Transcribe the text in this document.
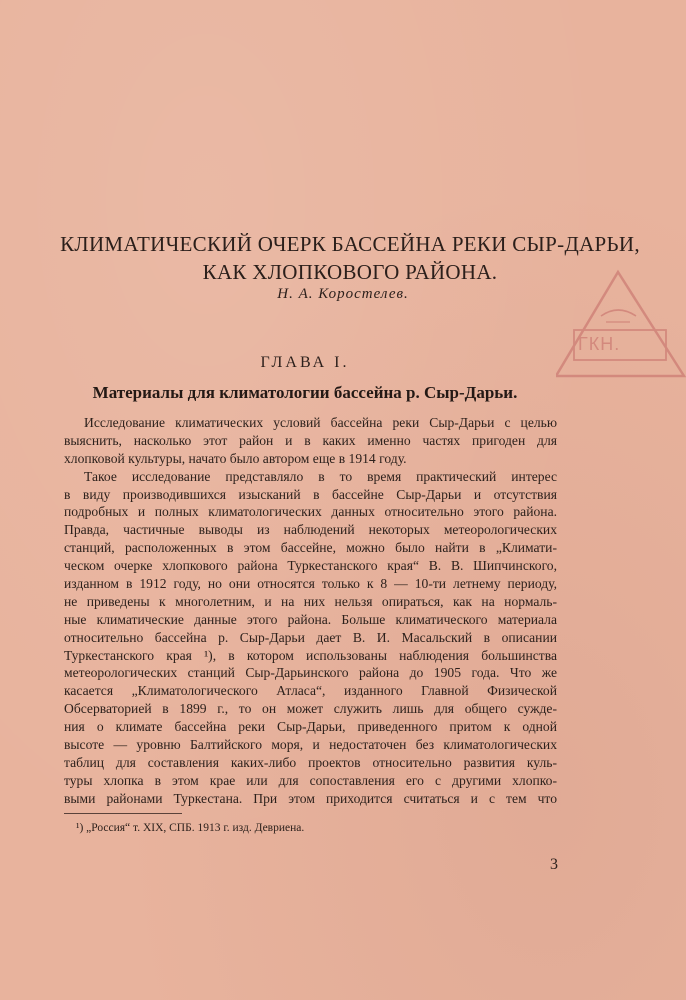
КЛИМАТИЧЕСКИЙ ОЧЕРК БАССЕЙНА РЕКИ СЫР-ДАРЬИ,
КАК ХЛОПКОВОГО РАЙОНА.
Н. А. Коростелев.
ГЛАВА I.
Материалы для климатологии бассейна р. Сыр-Дарьи.
Исследование климатических условий бассейна реки Сыр-Дарьи с целью
выяснить, насколько этот район и в каких именно частях пригоден для
хлопковой культуры, начато было автором еще в 1914 году.
Такое исследование представляло в то время практический интерес
в виду производившихся изысканий в бассейне Сыр-Дарьи и отсутствия
подробных и полных климатологических данных относительно этого района.
Правда, частичные выводы из наблюдений некоторых метеорологических
станций, расположенных в этом бассейне, можно было найти в „Климати-
ческом очерке хлопкового района Туркестанского края“ В. В. Шипчинского,
изданном в 1912 году, но они относятся только к 8 — 10-ти летнему периоду,
не приведены к многолетним, и на них нельзя опираться, как на нормаль-
ные климатические данные этого района. Больше климатического материала
относительно бассейна р. Сыр-Дарьи дает В. И. Масальский в описании
Туркестанского края ¹), в котором использованы наблюдения большинства
метеорологических станций Сыр-Дарьинского района до 1905 года. Что же
касается „Климатологического Атласа“, изданного Главной Физической
Обсерваторией в 1899 г., то он может служить лишь для общего сужде-
ния о климате бассейна реки Сыр-Дарьи, приведенного притом к одной
высоте — уровню Балтийского моря, и недостаточен без климатологических
таблиц для составления каких-либо проектов относительно развития куль-
туры хлопка в этом крае или для сопоставления его с другими хлопко-
выми районами Туркестана. При этом приходится считаться и с тем что
¹) „Россия“ т. XIX, СПБ. 1913 г. изд. Девриена.
3
ГКН.
